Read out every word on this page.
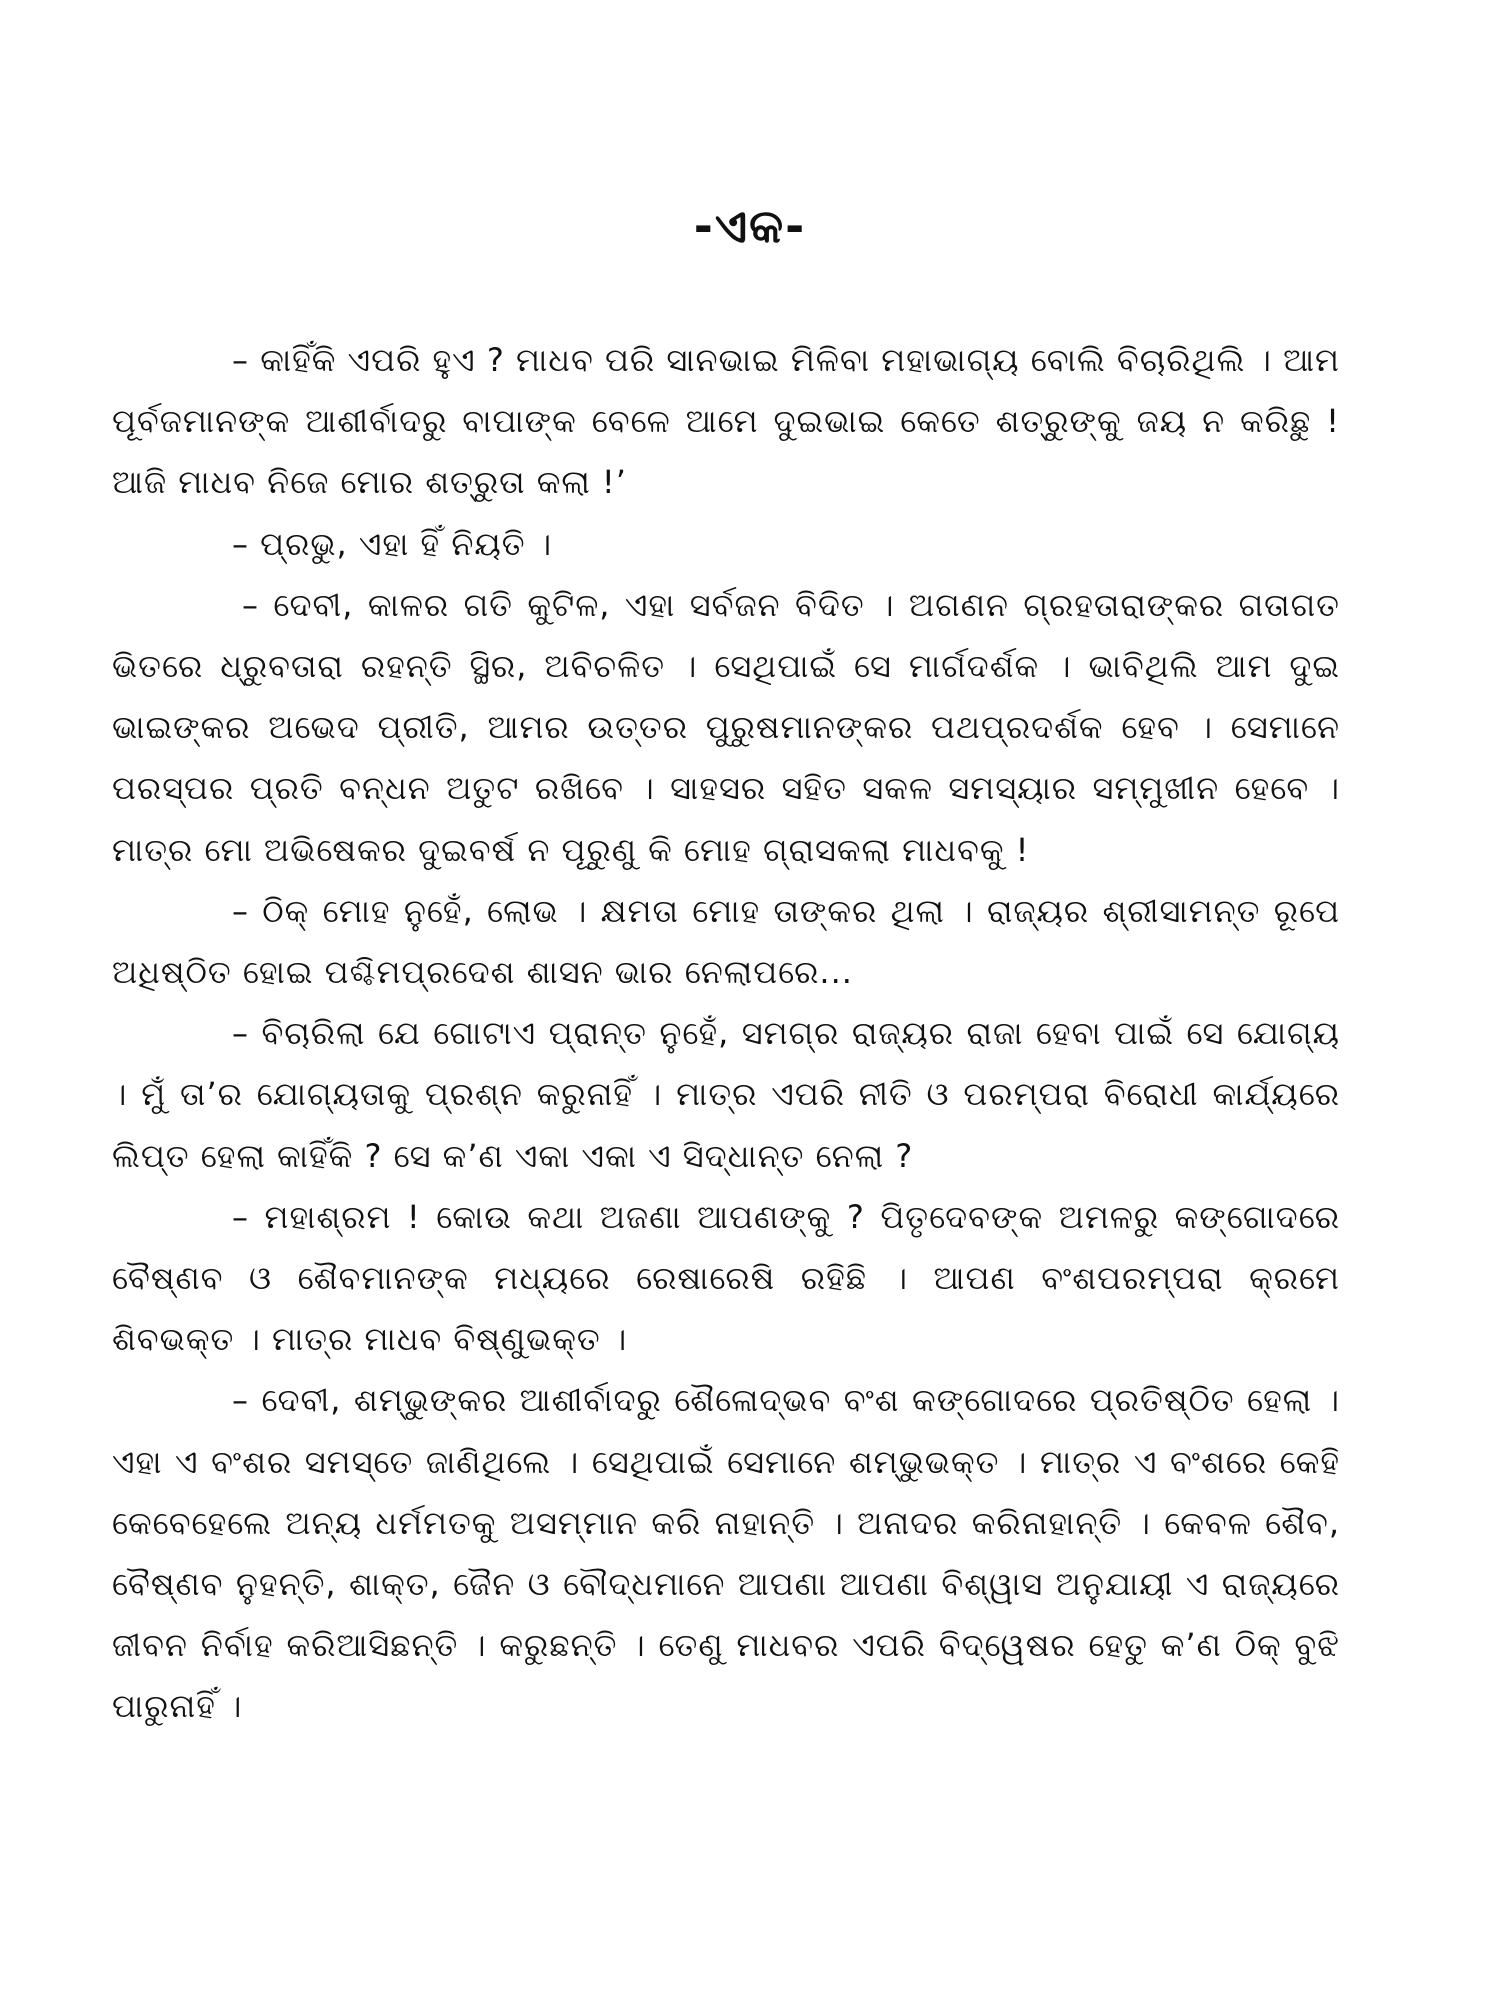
-ଏକ-

– କାହିଁକି ଏପରି ହୁଏ ? ମାଧବ ପରି ସାନଭାଇ ମିଳିବା ମହାଭାଗ୍ୟ ବୋଲି ବିଚାରିଥିଲି । ଆମ ପୂର୍ବଜମାନଙ୍କ ଆଶୀର୍ବାଦରୁ ବାପାଙ୍କ ବେଳେ ଆମେ ଦୁଇଭାଇ କେତେ ଶତ୍ରୁଙ୍କୁ ଜୟ ନ କରିଛୁ ! ଆଜି ମାଧବ ନିଜେ ମୋର ଶତ୍ରୁତା କଲା !’

– ପ୍ରଭୁ, ଏହା ହିଁ ନିୟତି ।

– ଦେବୀ, କାଳର ଗତି କୁଟିଳ, ଏହା ସର୍ବଜନ ବିଦିତ । ଅଗଣନ ଗ୍ରହତାରାଙ୍କର ଗତାଗତ ଭିତରେ ଧ୍ରୁବତାରା ରହନ୍ତି ସ୍ଥିର, ଅବିଚଳିତ । ସେଥିପାଇଁ ସେ ମାର୍ଗଦର୍ଶକ । ଭାବିଥିଲି ଆମ ଦୁଇ ଭାଇଙ୍କର ଅଭେଦ ପ୍ରୀତି, ଆମର ଉତ୍ତର ପୁରୁଷମାନଙ୍କର ପଥପ୍ରଦର୍ଶକ ହେବ । ସେମାନେ ପରସ୍ପର ପ୍ରତି ବନ୍ଧନ ଅତୁଟ ରଖିବେ । ସାହସର ସହିତ ସକଳ ସମସ୍ୟାର ସମ୍ମୁଖୀନ ହେବେ । ମାତ୍ର ମୋ ଅଭିଷେକର ଦୁଇବର୍ଷ ନ ପୂରୁଣୁ କି ମୋହ ଗ୍ରାସକଲା ମାଧବକୁ !

– ଠିକ୍ ମୋହ ନୁହେଁ, ଲୋଭ । କ୍ଷମତା ମୋହ ତାଙ୍କର ଥିଲା । ରାଜ୍ୟର ଶ୍ରୀସାମନ୍ତ ରୂପେ ଅଧିଷ୍ଠିତ ହୋଇ ପଶ୍ଚିମପ୍ରଦେଶ ଶାସନ ଭାର ନେଲାପରେ...

– ବିଚାରିଲା ଯେ ଗୋଟାଏ ପ୍ରାନ୍ତ ନୁହେଁ, ସମଗ୍ର ରାଜ୍ୟର ରାଜା ହେବା ପାଇଁ ସେ ଯୋଗ୍ୟ । ମୁଁ ତା’ର ଯୋଗ୍ୟତାକୁ ପ୍ରଶ୍ନ କରୁନାହିଁ । ମାତ୍ର ଏପରି ନୀତି ଓ ପରମ୍ପରା ବିରୋଧୀ କାର୍ଯ୍ୟରେ ଲିପ୍ତ ହେଲା କାହିଁକି ? ସେ କ’ଣ ଏକା ଏକା ଏ ସିଦ୍ଧାନ୍ତ ନେଲା ?

– ମହାଶ୍ରମ ! କୋଉ କଥା ଅଜଣା ଆପଣଙ୍କୁ ? ପିତୃଦେବଙ୍କ ଅମଳରୁ କଙ୍ଗୋଦରେ ବୈଷ୍ଣବ ଓ ଶୈବମାନଙ୍କ ମଧ୍ୟରେ ରେଷାରେଷି ରହିଛି । ଆପଣ ବଂଶପରମ୍ପରା କ୍ରମେ ଶିବଭକ୍ତ । ମାତ୍ର ମାଧବ ବିଷ୍ଣୁଭକ୍ତ ।

– ଦେବୀ, ଶମ୍ଭୁଙ୍କର ଆଶୀର୍ବାଦରୁ ଶୈଳୋଦ୍ଭବ ବଂଶ କଙ୍ଗୋଦରେ ପ୍ରତିଷ୍ଠିତ ହେଲା । ଏହା ଏ ବଂଶର ସମସ୍ତେ ଜାଣିଥିଲେ । ସେଥିପାଇଁ ସେମାନେ ଶମ୍ଭୁଭକ୍ତ । ମାତ୍ର ଏ ବଂଶରେ କେହି କେବେହେଲେ ଅନ୍ୟ ଧର୍ମମତକୁ ଅସମ୍ମାନ କରି ନାହାନ୍ତି । ଅନାଦର କରିନାହାନ୍ତି । କେବଳ ଶୈବ, ବୈଷ୍ଣବ ନୁହନ୍ତି, ଶାକ୍ତ, ଜୈନ ଓ ବୌଦ୍ଧମାନେ ଆପଣା ଆପଣା ବିଶ୍ୱାସ ଅନୁଯାୟୀ ଏ ରାଜ୍ୟରେ ଜୀବନ ନିର୍ବାହ କରିଆସିଛନ୍ତି । କରୁଛନ୍ତି । ତେଣୁ ମାଧବର ଏପରି ବିଦ୍ୱେଷର ହେତୁ କ’ଣ ଠିକ୍ ବୁଝି ପାରୁନାହିଁ ।
